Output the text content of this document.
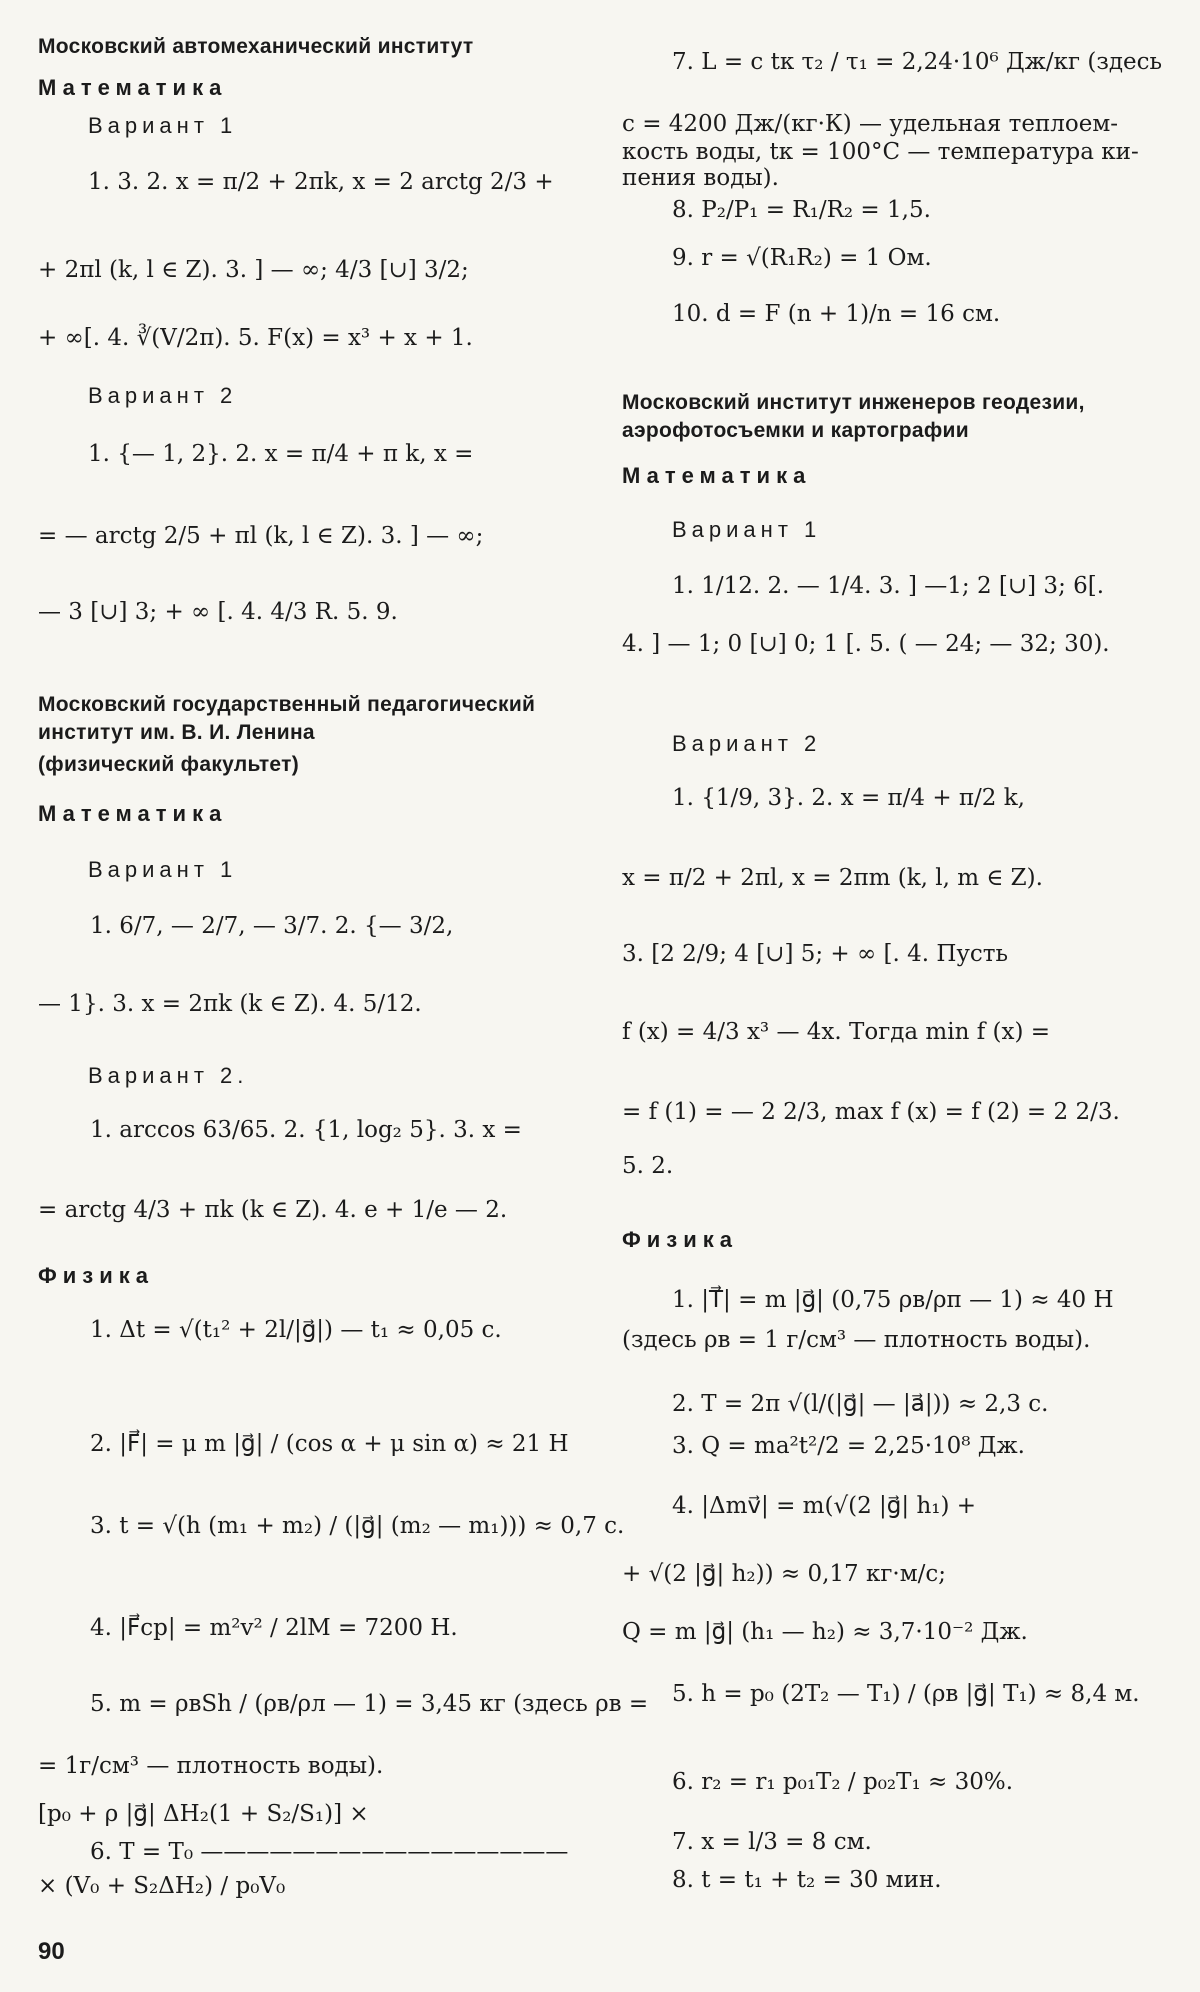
Московский автомеханический институт
Математика
Вариант 1
1. 3. 2. x = π/2 + 2πk, x = 2 arctg 2/3 +
+ 2πl (k, l ∈ Z). 3. ] — ∞; 4/3 [∪] 3/2;
+ ∞[. 4. ∛(V/2π). 5. F(x) = x³ + x + 1.
Вариант 2
1. {— 1, 2}. 2. x = π/4 + π k, x =
= — arctg 2/5 + πl (k, l ∈ Z). 3. ] — ∞;
— 3 [∪] 3; + ∞ [. 4. 4/3 R. 5. 9.
Московский государственный педагогический
институт им. В. И. Ленина
(физический факультет)
Математика
Вариант 1
1. 6/7, — 2/7, — 3/7. 2. {— 3/2,
— 1}. 3. x = 2πk (k ∈ Z). 4. 5/12.
Вариант 2.
1. arccos 63/65. 2. {1, log₂ 5}. 3. x =
= arctg 4/3 + πk (k ∈ Z). 4. e + 1/e — 2.
Физика
1. Δt = √(t₁² + 2l/|g⃗|) — t₁ ≈ 0,05 c.
2. |F⃗| = μ m |g⃗| / (cos α + μ sin α) ≈ 21 H
3. t = √(h (m₁ + m₂) / (|g⃗| (m₂ — m₁))) ≈ 0,7 c.
4. |F⃗ср| = m²v² / 2lM = 7200 H.
5. m = ρвSh / (ρв/ρл — 1) = 3,45 кг (здесь ρв =
= 1г/см³ — плотность воды).
[p₀ + ρ |g⃗| ΔH₂(1 + S₂/S₁)] ×
6. T = T₀ ————————————————
× (V₀ + S₂ΔH₂) / p₀V₀
7. L = c tк τ₂ / τ₁ = 2,24·10⁶ Дж/кг (здесь
c = 4200 Дж/(кг·К) — удельная теплоем-
кость воды, tк = 100°С — температура ки-
пения воды).
8. P₂/P₁ = R₁/R₂ = 1,5.
9. r = √(R₁R₂) = 1 Ом.
10. d = F (n + 1)/n = 16 см.
Московский институт инженеров геодезии,
аэрофотосъемки и картографии
Математика
Вариант 1
1. 1/12. 2. — 1/4. 3. ] —1; 2 [∪] 3; 6[.
4. ] — 1; 0 [∪] 0; 1 [. 5. ( — 24; — 32; 30).
Вариант 2
1. {1/9, 3}. 2. x = π/4 + π/2 k,
x = π/2 + 2πl, x = 2πm (k, l, m ∈ Z).
3. [2 2/9; 4 [∪] 5; + ∞ [. 4. Пусть
f (x) = 4/3 x³ — 4x. Тогда min f (x) =
= f (1) = — 2 2/3, max f (x) = f (2) = 2 2/3.
5. 2.
Физика
1. |T⃗| = m |g⃗| (0,75 ρв/ρп — 1) ≈ 40 H
(здесь ρв = 1 г/см³ — плотность воды).
2. T = 2π √(l/(|g⃗| — |a⃗|)) ≈ 2,3 c.
3. Q = ma²t²/2 = 2,25·10⁸ Дж.
4. |Δmv⃗| = m(√(2 |g⃗| h₁) +
+ √(2 |g⃗| h₂)) ≈ 0,17 кг·м/с;
Q = m |g⃗| (h₁ — h₂) ≈ 3,7·10⁻² Дж.
5. h = p₀ (2T₂ — T₁) / (ρв |g⃗| T₁) ≈ 8,4 м.
6. r₂ = r₁ p₀₁T₂ / p₀₂T₁ ≈ 30%.
7. x = l/3 = 8 см.
8. t = t₁ + t₂ = 30 мин.
90
